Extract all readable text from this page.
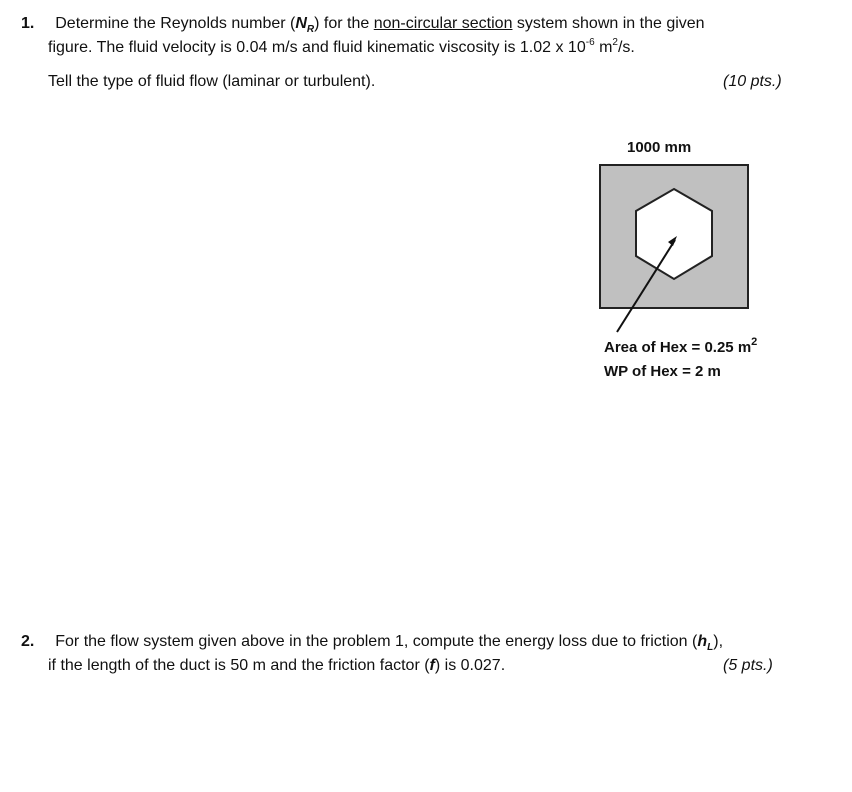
1. Determine the Reynolds number $(N_R)$ for the non-circular section system shown in the given
figure. The fluid velocity is 0.04 m/s and fluid kinematic viscosity is 1.02 x $10^{-6}$ $m^2/s$.
Tell the type of fluid flow (laminar or turbulent).	(10 pts.)
1000 mm
Area of Hex = 0.25 $m^2$
WP of Hex = 2 m
2. For the flow system given above in the problem 1, compute the energy loss due to friction $(h_L)$,
if the length of the duct is 50 m and the friction factor (f) is 0.027.	(5 pts.)
